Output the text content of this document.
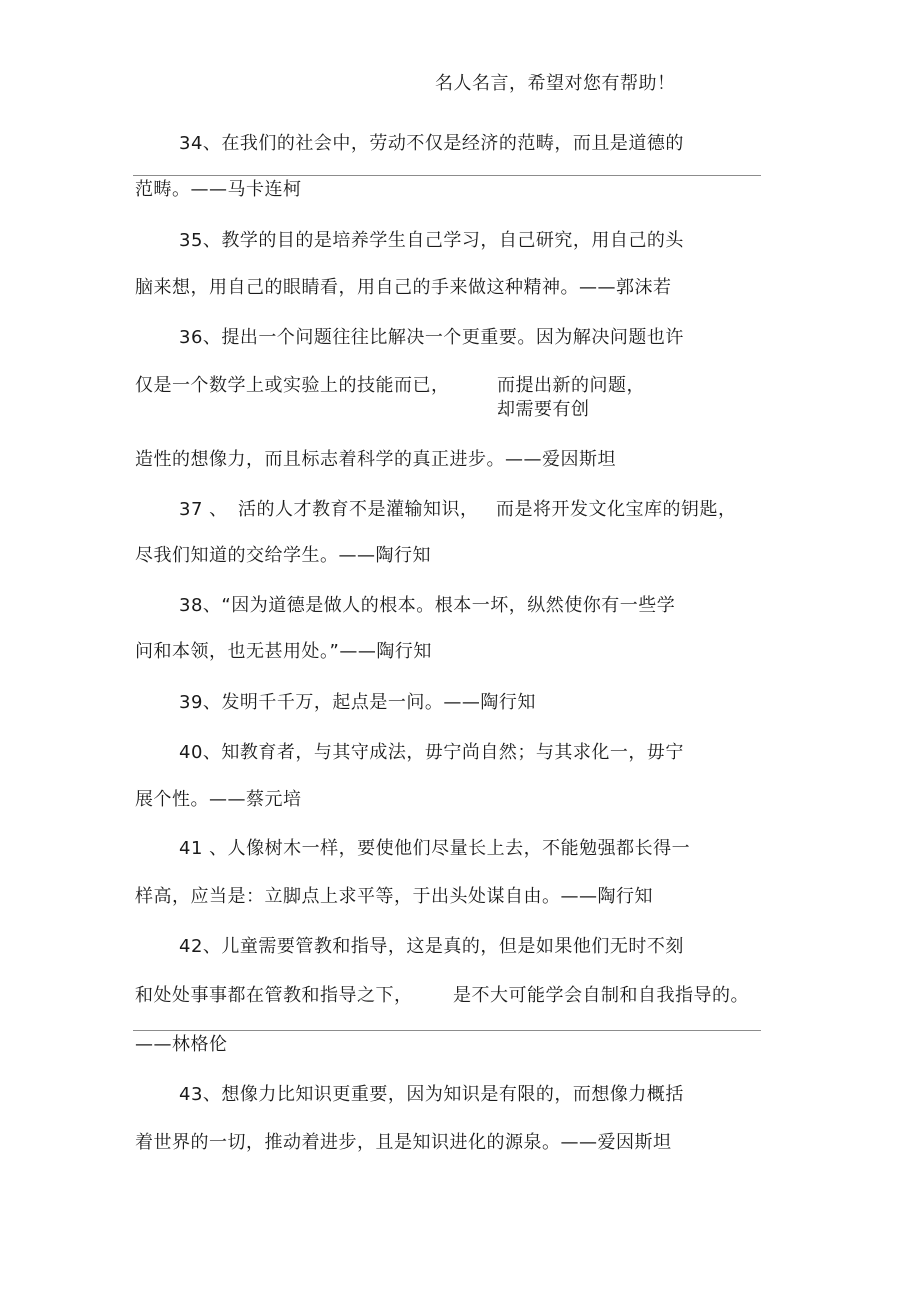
名人名言，希望对您有帮助！
34、在我们的社会中，劳动不仅是经济的范畴，而且是道德的
范畴。——马卡连柯
35、教学的目的是培养学生自己学习，自己研究，用自己的头
脑来想，用自己的眼睛看，用自己的手来做这种精神。——郭沫若
36、提出一个问题往往比解决一个更重要。因为解决问题也许
仅是一个数学上或实验上的技能而已，	而提出新的问题，
却需要有创
造性的想像力，而且标志着科学的真正进步。——爱因斯坦
37 、 活的人才教育不是灌输知识， 而是将开发文化宝库的钥匙，
尽我们知道的交给学生。——陶行知
38、“因为道德是做人的根本。根本一坏，纵然使你有一些学
问和本领，也无甚用处。”——陶行知
39、发明千千万，起点是一问。——陶行知
40、知教育者，与其守成法，毋宁尚自然；与其求化一，毋宁
展个性。——蔡元培
41 、人像树木一样，要使他们尽量长上去，不能勉强都长得一
样高，应当是：立脚点上求平等，于出头处谋自由。——陶行知
42、儿童需要管教和指导，这是真的，但是如果他们无时不刻
和处处事事都在管教和指导之下， 是不大可能学会自制和自我指导的。
——林格伦
43、想像力比知识更重要，因为知识是有限的，而想像力概括
着世界的一切，推动着进步，且是知识进化的源泉。——爱因斯坦
